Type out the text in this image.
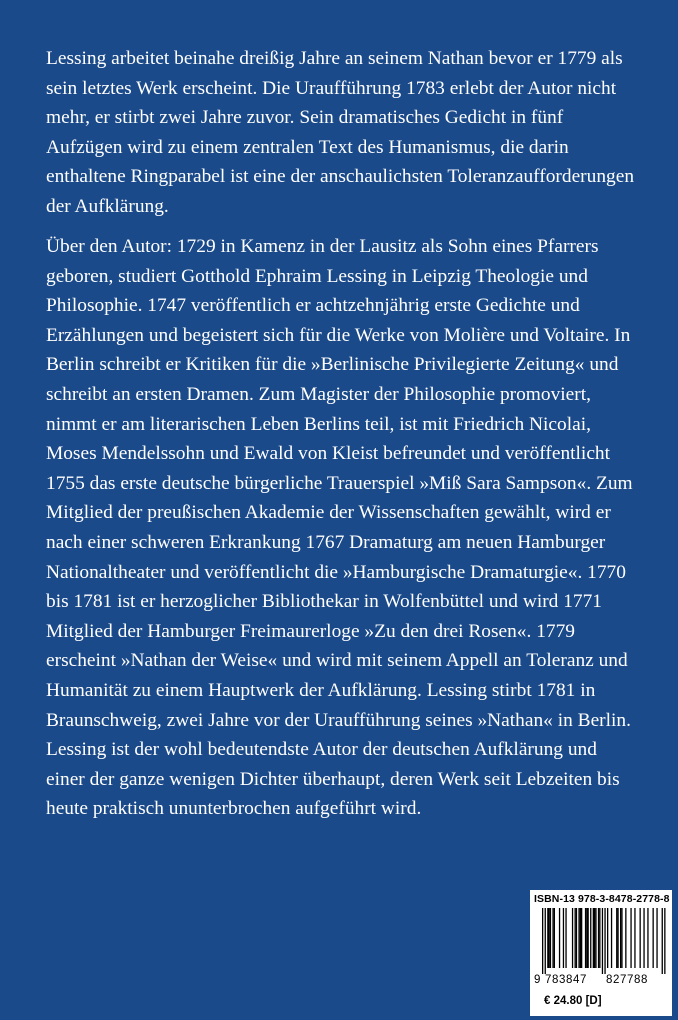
Lessing arbeitet beinahe dreißig Jahre an seinem Nathan bevor er 1779 als
sein letztes Werk erscheint. Die Uraufführung 1783 erlebt der Autor nicht
mehr, er stirbt zwei Jahre zuvor. Sein dramatisches Gedicht in fünf
Aufzügen wird zu einem zentralen Text des Humanismus, die darin
enthaltene Ringparabel ist eine der anschaulichsten Toleranzaufforderungen
der Aufklärung.
Über den Autor: 1729 in Kamenz in der Lausitz als Sohn eines Pfarrers
geboren, studiert Gotthold Ephraim Lessing in Leipzig Theologie und
Philosophie. 1747 veröffentlich er achtzehnjährig erste Gedichte und
Erzählungen und begeistert sich für die Werke von Molière und Voltaire. In
Berlin schreibt er Kritiken für die »Berlinische Privilegierte Zeitung« und
schreibt an ersten Dramen. Zum Magister der Philosophie promoviert,
nimmt er am literarischen Leben Berlins teil, ist mit Friedrich Nicolai,
Moses Mendelssohn und Ewald von Kleist befreundet und veröffentlicht
1755 das erste deutsche bürgerliche Trauerspiel »Miß Sara Sampson«. Zum
Mitglied der preußischen Akademie der Wissenschaften gewählt, wird er
nach einer schweren Erkrankung 1767 Dramaturg am neuen Hamburger
Nationaltheater und veröffentlicht die »Hamburgische Dramaturgie«. 1770
bis 1781 ist er herzoglicher Bibliothekar in Wolfenbüttel und wird 1771
Mitglied der Hamburger Freimaurerloge »Zu den drei Rosen«. 1779
erscheint »Nathan der Weise« und wird mit seinem Appell an Toleranz und
Humanität zu einem Hauptwerk der Aufklärung. Lessing stirbt 1781 in
Braunschweig, zwei Jahre vor der Uraufführung seines »Nathan« in Berlin.
Lessing ist der wohl bedeutendste Autor der deutschen Aufklärung und
einer der ganze wenigen Dichter überhaupt, deren Werk seit Lebzeiten bis
heute praktisch ununterbrochen aufgeführt wird.
ISBN-13 978-3-8478-2778-8
9 783847 827788
€ 24.80 [D]
